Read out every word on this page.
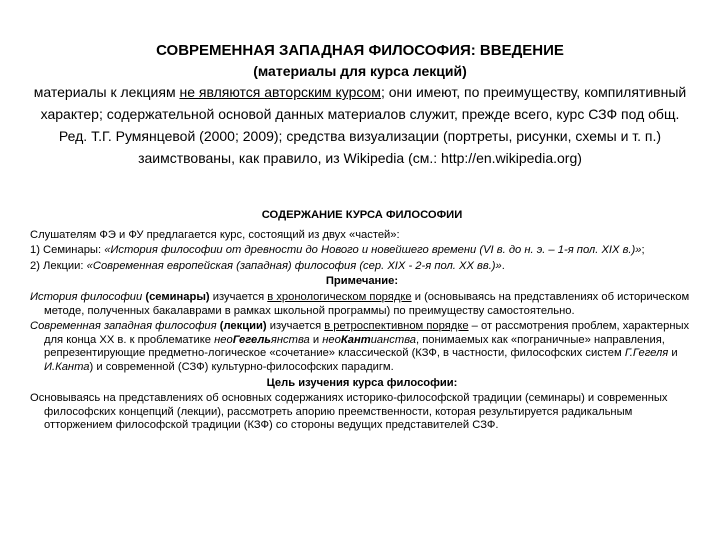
СОВРЕМЕННАЯ ЗАПАДНАЯ ФИЛОСОФИЯ: ВВЕДЕНИЕ
(материалы для курса лекций)
материалы к лекциям не являются авторским курсом; они имеют, по преимуществу, компилятивный характер; содержательной основой данных материалов служит, прежде всего, курс СЗФ под общ. Ред. Т.Г. Румянцевой (2000; 2009); средства визуализации (портреты, рисунки, схемы и т. п.) заимствованы, как правило, из Wikipedia (см.: http://en.wikipedia.org)
СОДЕРЖАНИЕ КУРСА ФИЛОСОФИИ

Слушателям ФЭ и ФУ предлагается курс, состоящий из двух «частей»:

1) Семинары: «История философии от древности до Нового и новейшего времени (VI в. до н. э. – 1-я пол. XIX в.)»;

2) Лекции: «Современная европейская (западная) философия (сер. XIX - 2-я пол. XX вв.)».

Примечание:

История философии (семинары) изучается в хронологическом порядке и (основываясь на представлениях об историческом методе, полученных бакалаврами в рамках школьной программы) по преимуществу самостоятельно.

Современная западная философия (лекции) изучается в ретроспективном порядке – от рассмотрения проблем, характерных для конца XX в. к проблематике неоГегельянства и неоКантианства, понимаемых как «пограничные» направления, репрезентирующие предметно-логическое «сочетание» классической (КЗФ, в частности, философских систем Г.Гегеля и И.Канта) и современной (СЗФ) культурно-философских парадигм.

Цель изучения курса философии:

Основываясь на представлениях об основных содержаниях историко-философской традиции (семинары) и современных философских концепций (лекции), рассмотреть апорию преемственности, которая результируется радикальным отторжением философской традиции (КЗФ) со стороны ведущих представителей СЗФ.
